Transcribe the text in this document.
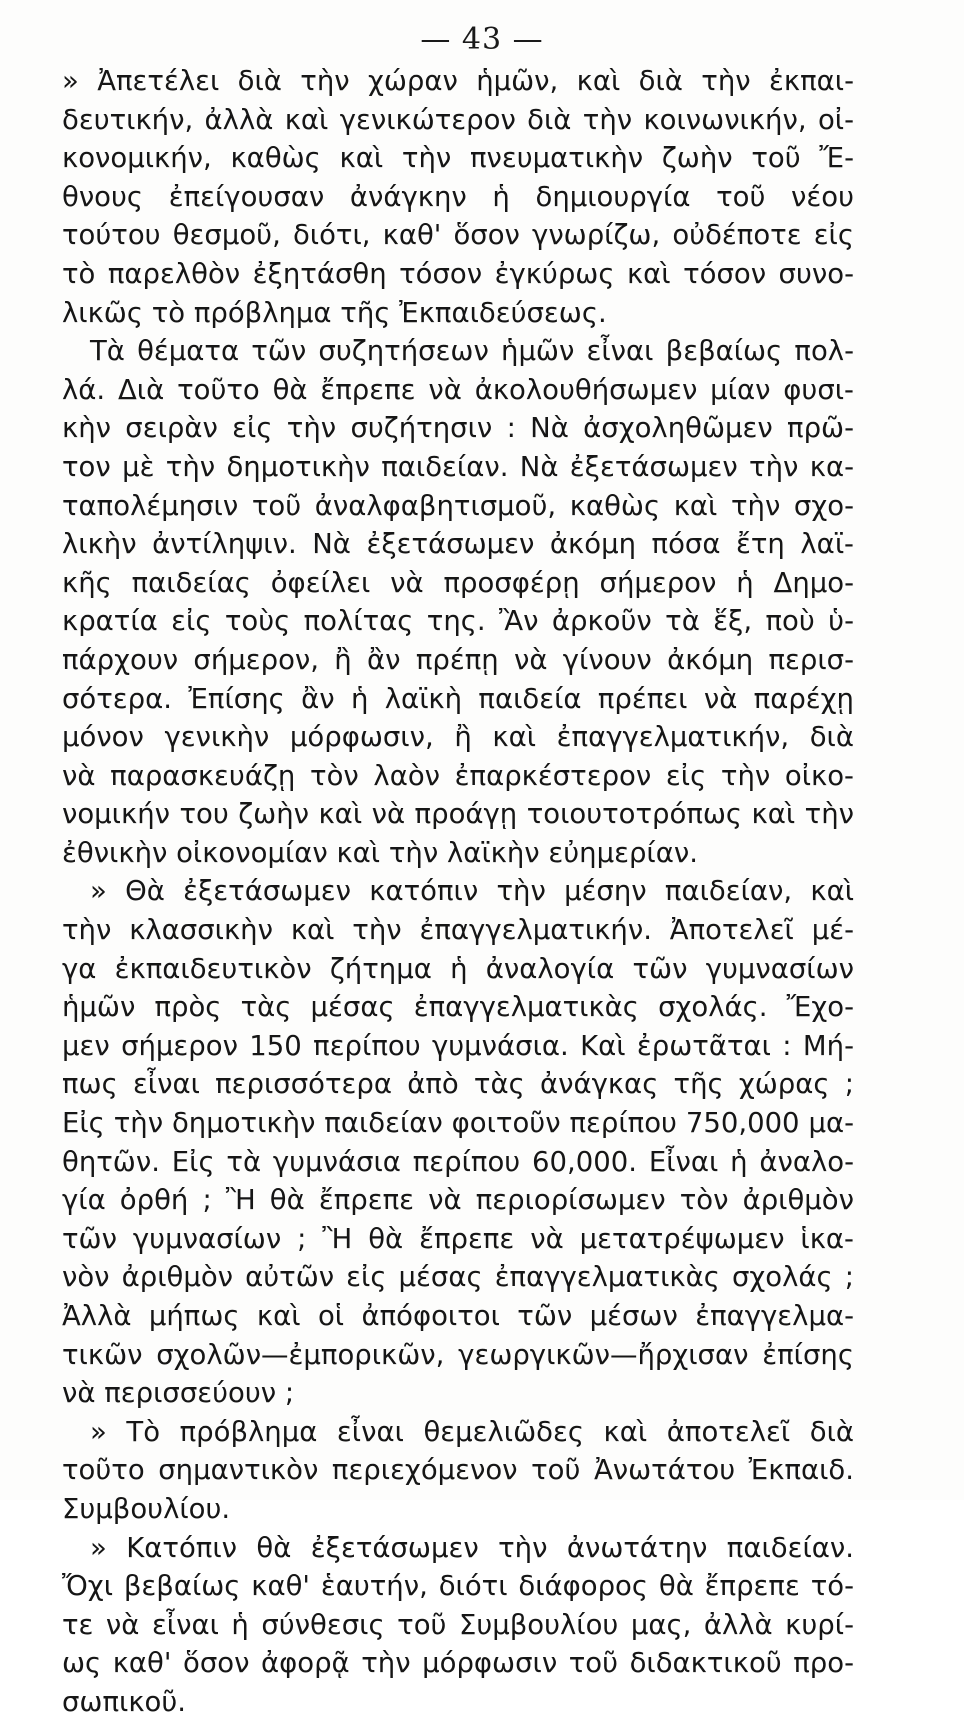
— 43 —
» Ἀπετέλει διὰ τὴν χώραν ἡμῶν, καὶ διὰ τὴν ἐκπαι-
δευτικήν, ἀλλὰ καὶ γενικώτερον διὰ τὴν κοινωνικήν, οἰ-
κονομικήν, καθὼς καὶ τὴν πνευματικὴν ζωὴν τοῦ Ἔ-
θνους ἐπείγουσαν ἀνάγκην ἡ δημιουργία τοῦ νέου
τούτου θεσμοῦ, διότι, καθ' ὅσον γνωρίζω, οὐδέποτε εἰς
τὸ παρελθὸν ἐξητάσθη τόσον ἐγκύρως καὶ τόσον συνο-
λικῶς τὸ πρόβλημα τῆς Ἐκπαιδεύσεως.
Τὰ θέματα τῶν συζητήσεων ἡμῶν εἶναι βεβαίως πολ-
λά. Διὰ τοῦτο θὰ ἔπρεπε νὰ ἀκολουθήσωμεν μίαν φυσι-
κὴν σειρὰν εἰς τὴν συζήτησιν : Νὰ ἀσχοληθῶμεν πρῶ-
τον μὲ τὴν δημοτικὴν παιδείαν. Νὰ ἐξετάσωμεν τὴν κα-
ταπολέμησιν τοῦ ἀναλφαβητισμοῦ, καθὼς καὶ τὴν σχο-
λικὴν ἀντίληψιν. Νὰ ἐξετάσωμεν ἀκόμη πόσα ἔτη λαϊ-
κῆς παιδείας ὀφείλει νὰ προσφέρῃ σήμερον ἡ Δημο-
κρατία εἰς τοὺς πολίτας της. Ἂν ἀρκοῦν τὰ ἕξ, ποὺ ὑ-
πάρχουν σήμερον, ἢ ἂν πρέπῃ νὰ γίνουν ἀκόμη περισ-
σότερα. Ἐπίσης ἂν ἡ λαϊκὴ παιδεία πρέπει νὰ παρέχῃ
μόνον γενικὴν μόρφωσιν, ἢ καὶ ἐπαγγελματικήν, διὰ
νὰ παρασκευάζῃ τὸν λαὸν ἐπαρκέστερον εἰς τὴν οἰκο-
νομικήν του ζωὴν καὶ νὰ προάγῃ τοιουτοτρόπως καὶ τὴν
ἐθνικὴν οἰκονομίαν καὶ τὴν λαϊκὴν εὐημερίαν.
» Θὰ ἐξετάσωμεν κατόπιν τὴν μέσην παιδείαν, καὶ
τὴν κλασσικὴν καὶ τὴν ἐπαγγελματικήν. Ἀποτελεῖ μέ-
γα ἐκπαιδευτικὸν ζήτημα ἡ ἀναλογία τῶν γυμνασίων
ἡμῶν πρὸς τὰς μέσας ἐπαγγελματικὰς σχολάς. Ἔχο-
μεν σήμερον 150 περίπου γυμνάσια. Καὶ ἐρωτᾶται : Μή-
πως εἶναι περισσότερα ἀπὸ τὰς ἀνάγκας τῆς χώρας ;
Εἰς τὴν δημοτικὴν παιδείαν φοιτοῦν περίπου 750,000 μα-
θητῶν. Εἰς τὰ γυμνάσια περίπου 60,000. Εἶναι ἡ ἀναλο-
γία ὀρθή ; Ἢ θὰ ἔπρεπε νὰ περιορίσωμεν τὸν ἀριθμὸν
τῶν γυμνασίων ; Ἢ θὰ ἔπρεπε νὰ μετατρέψωμεν ἱκα-
νὸν ἀριθμὸν αὐτῶν εἰς μέσας ἐπαγγελματικὰς σχολάς ;
Ἀλλὰ μήπως καὶ οἱ ἀπόφοιτοι τῶν μέσων ἐπαγγελμα-
τικῶν σχολῶν—ἐμπορικῶν, γεωργικῶν—ἤρχισαν ἐπίσης
νὰ περισσεύουν ;
» Τὸ πρόβλημα εἶναι θεμελιῶδες καὶ ἀποτελεῖ διὰ
τοῦτο σημαντικὸν περιεχόμενον τοῦ Ἀνωτάτου Ἐκπαιδ.
Συμβουλίου.
» Κατόπιν θὰ ἐξετάσωμεν τὴν ἀνωτάτην παιδείαν.
Ὄχι βεβαίως καθ' ἑαυτήν, διότι διάφορος θὰ ἔπρεπε τό-
τε νὰ εἶναι ἡ σύνθεσις τοῦ Συμβουλίου μας, ἀλλὰ κυρί-
ως καθ' ὅσον ἀφορᾷ τὴν μόρφωσιν τοῦ διδακτικοῦ προ-
σωπικοῦ.
